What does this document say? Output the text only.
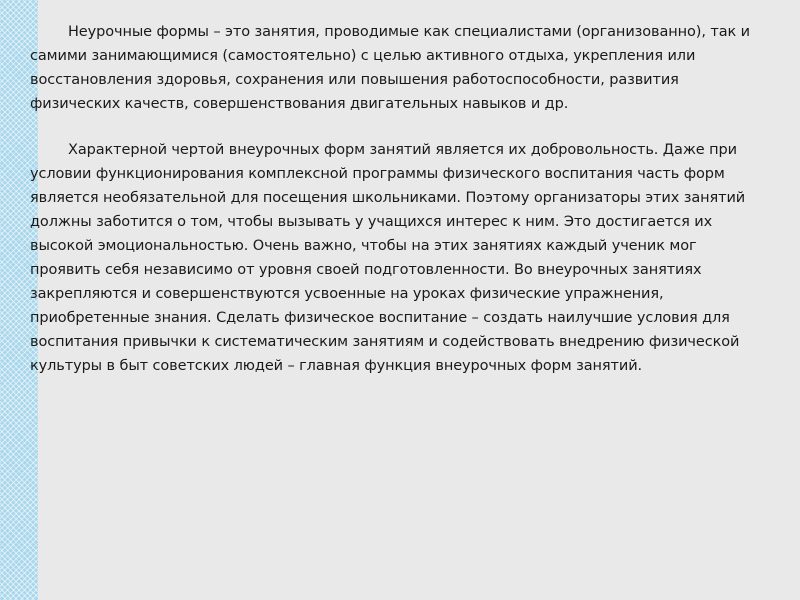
Неурочные формы – это занятия, проводимые как специалистами (организованно), так и самими занимающимися (самостоятельно) с целью активного отдыха, укрепления или восстановления здоровья, сохранения или повышения работоспособности, развития физических качеств, совершенствования двигательных навыков и др.

Характерной чертой внеурочных форм занятий является их добровольность. Даже при условии функционирования комплексной программы физического воспитания часть форм является необязательной для посещения школьниками. Поэтому организаторы этих занятий должны заботится о том, чтобы вызывать у учащихся интерес к ним. Это достигается их высокой эмоциональностью. Очень важно, чтобы на этих занятиях каждый ученик мог проявить себя независимо от уровня своей подготовленности. Во внеурочных занятиях закрепляются и совершенствуются усвоенные на уроках физические упражнения, приобретенные знания. Сделать физическое воспитание – создать наилучшие условия для воспитания привычки к систематическим занятиям и содействовать внедрению физической культуры в быт советских людей – главная функция внеурочных форм занятий.
